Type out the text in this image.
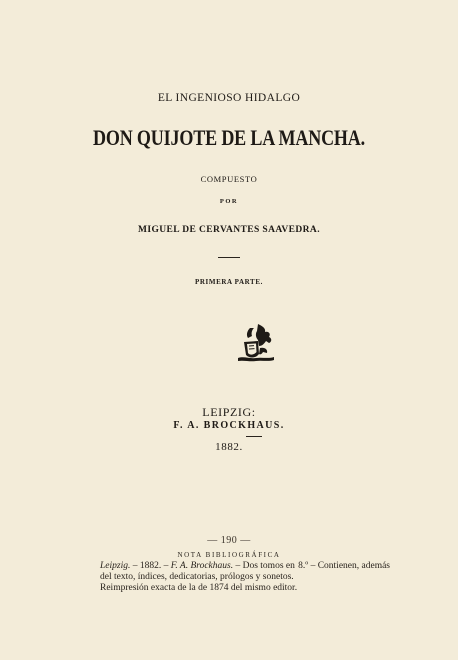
EL INGENIOSO HIDALGO
DON QUIJOTE DE LA MANCHA.
COMPUESTO
POR
MIGUEL DE CERVANTES SAAVEDRA.
PRIMERA PARTE.
LEIPZIG:
F. A. BROCKHAUS.
1882.
— 190 —
NOTA BIBLIOGRÁFICA
Leipzig. – 1882. – F. A. Brockhaus. – Dos tomos en 8.º – Contienen, además
del texto, índices, dedicatorias, prólogos y sonetos.
Reimpresión exacta de la de 1874 del mismo editor.
